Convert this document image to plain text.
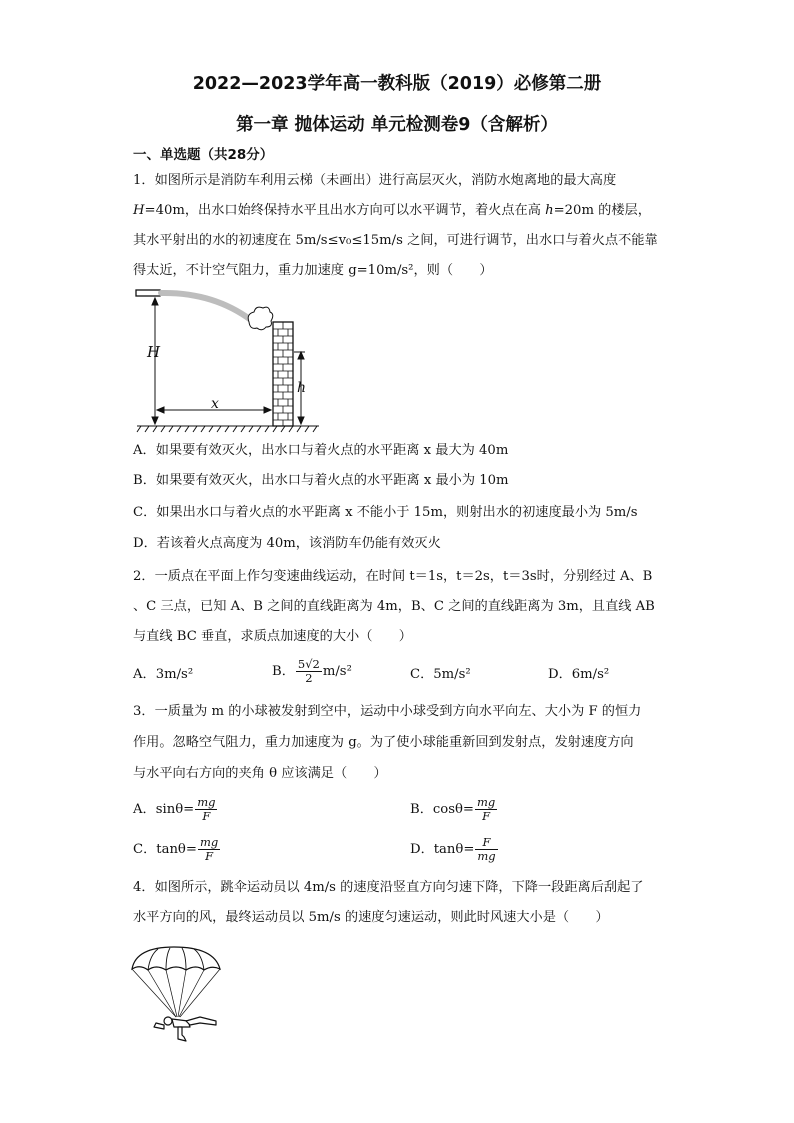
2022—2023学年高一教科版（2019）必修第二册
第一章 抛体运动 单元检测卷9（含解析）
一、单选题（共28分）
1．如图所示是消防车利用云梯（未画出）进行高层灭火，消防水炮离地的最大高度
H=40m，出水口始终保持水平且出水方向可以水平调节，着火点在高 h=20m 的楼层，
其水平射出的水的初速度在 5m/s≤v₀≤15m/s 之间，可进行调节，出水口与着火点不能靠
得太近，不计空气阻力，重力加速度 g=10m/s²，则（　　）
H
h
x
A．如果要有效灭火，出水口与着火点的水平距离 x 最大为 40m
B．如果要有效灭火，出水口与着火点的水平距离 x 最小为 10m
C．如果出水口与着火点的水平距离 x 不能小于 15m，则射出水的初速度最小为 5m/s
D．若该着火点高度为 40m，该消防车仍能有效灭火
2．一质点在平面上作匀变速曲线运动，在时间 t＝1s，t＝2s，t＝3s时，分别经过 A、B
、C 三点，已知 A、B 之间的直线距离为 4m，B、C 之间的直线距离为 3m，且直线 AB
与直线 BC 垂直，求质点加速度的大小（　　）
A．3m/s²	B． $\frac{5√2}{2} m/s^2$	C．5m/s²	D．6m/s²
3．一质量为 m 的小球被发射到空中，运动中小球受到方向水平向左、大小为 F 的恒力
作用。忽略空气阻力，重力加速度为 g。为了使小球能重新回到发射点，发射速度方向
与水平向右方向的夹角 θ 应该满足（　　）
A．$\sin\theta= \frac{mg}{F}$	B．$\cos\theta= \frac{mg}{F}$
C．$\tan\theta= \frac{mg}{F}$	D．$\tan\theta= \frac{F}{mg}$
4．如图所示，跳伞运动员以 4m/s 的速度沿竖直方向匀速下降，下降一段距离后刮起了
水平方向的风，最终运动员以 5m/s 的速度匀速运动，则此时风速大小是（　　）
